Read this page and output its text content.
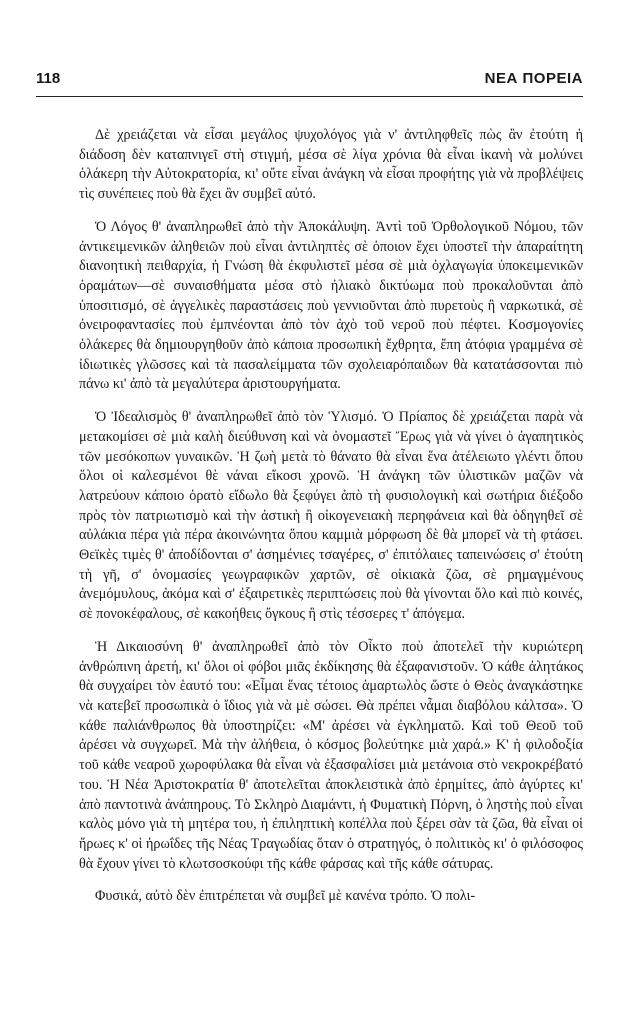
118	ΝΕΑ ΠΟΡΕΙΑ

Δὲ χρειάζεται νὰ εἶσαι μεγάλος ψυχολόγος γιὰ ν' ἀντιληφθεῖς πὼς ἂν ἐτούτη ἡ διάδοση δὲν καταπνιγεῖ στὴ στιγμή, μέσα σὲ λίγα χρόνια θὰ εἶναι ἱκανὴ νὰ μολύνει ὁλάκερη τὴν Αὐτοκρατορία, κι' οὔτε εἶναι ἀνάγκη νὰ εἶσαι προφήτης γιὰ νὰ προβλέψεις τὶς συνέπειες ποὺ θὰ ἔχει ἂν συμβεῖ αὐτό.

Ὁ Λόγος θ' ἀναπληρωθεῖ ἀπὸ τὴν Ἀποκάλυψη. Ἀντὶ τοῦ Ὀρθολογικοῦ Νόμου, τῶν ἀντικειμενικῶν ἀληθειῶν ποὺ εἶναι ἀντιληπτὲς σὲ ὁποιον ἔχει ὑποστεῖ τὴν ἀπαραίτητη διανοητικὴ πειθαρχία, ἡ Γνώση θὰ ἐκφυλιστεῖ μέσα σὲ μιὰ ὀχλαγωγία ὑποκειμενικῶν ὁραμάτων—σὲ συναισθήματα μέσα στὸ ἠλιακὸ δικτύωμα ποὺ προκαλοῦνται ἀπὸ ὑποσιτισμό, σὲ ἀγγελικὲς παραστάσεις ποὺ γεννιοῦνται ἀπὸ πυρετοὺς ἢ ναρκωτικά, σὲ ὀνειροφαντασίες ποὺ ἐμπνέονται ἀπὸ τὸν ἀχὸ τοῦ νεροῦ ποὺ πέφτει. Κοσμογονίες ὁλάκερες θὰ δημιουργηθοῦν ἀπὸ κάποια προσωπικὴ ἔχθρητα, ἔπη ἀτόφια γραμμένα σὲ ἰδιωτικὲς γλῶσσες καὶ τὰ πασαλείμματα τῶν σχολειαρόπαιδων θὰ κατατάσσονται πιὸ πάνω κι' ἀπὸ τὰ μεγαλύτερα ἀριστουργήματα.

Ὁ Ἰδεαλισμὸς θ' ἀναπληρωθεῖ ἀπὸ τὸν Ὑλισμό. Ὁ Πρίαπος δὲ χρειάζεται παρὰ νὰ μετακομίσει σὲ μιὰ καλὴ διεύθυνση καὶ νὰ ὀνομαστεῖ Ἔρως γιὰ νὰ γίνει ὁ ἀγαπητικὸς τῶν μεσόκοπων γυναικῶν. Ἡ ζωὴ μετὰ τὸ θάνατο θὰ εἶναι ἕνα ἀτέλειωτο γλέντι ὅπου ὅλοι οἱ καλεσμένοι θὲ νάναι εἴκοσι χρονῶ. Ἡ ἀνάγκη τῶν ὑλιστικῶν μαζῶν νὰ λατρεύουν κάποιο ὁρατὸ εἴδωλο θὰ ξεφύγει ἀπὸ τὴ φυσιολογικὴ καὶ σωτήρια διέξοδο πρὸς τὸν πατριωτισμὸ καὶ τὴν ἀστικὴ ἢ οἰκογενειακὴ περηφάνεια καὶ θὰ ὁδηγηθεῖ σὲ αὐλάκια πέρα γιὰ πέρα ἀκοινώνητα ὅπου καμμιὰ μόρφωση δὲ θὰ μπορεῖ νὰ τὴ φτάσει. Θεϊκὲς τιμὲς θ' ἀποδίδονται σ' ἀσημένιες τσαγέρες, σ' ἐπιτόλαιες ταπεινώσεις σ' ἐτούτη τὴ γῆ, σ' ὀνομασίες γεωγραφικῶν χαρτῶν, σὲ οἰκιακὰ ζῶα, σὲ ρημαγμένους ἀνεμόμυλους, ἀκόμα καὶ σ' ἐξαιρετικὲς περιπτώσεις ποὺ θὰ γίνονται ὅλο καὶ πιὸ κοινές, σὲ πονοκέφαλους, σὲ κακοήθεις ὄγκους ἢ στὶς τέσσερες τ' ἀπόγεμα.

Ἡ Δικαιοσύνη θ' ἀναπληρωθεῖ ἀπὸ τὸν Οἶκτο ποὺ ἀποτελεῖ τὴν κυριώτερη ἀνθρώπινη ἀρετή, κι' ὅλοι οἱ φόβοι μιᾶς ἐκδίκησης θὰ ἐξαφανιστοῦν. Ὁ κάθε ἀλητάκος θὰ συγχαίρει τὸν ἑαυτό του: «Εἶμαι ἕνας τέτοιος ἁμαρτωλὸς ὥστε ὁ Θεὸς ἀναγκάστηκε νὰ κατεβεῖ προσωπικὰ ὁ ἴδιος γιὰ νὰ μὲ σώσει. Θὰ πρέπει νἆμαι διαβόλου κάλτσα». Ὁ κάθε παλιάνθρωπος θὰ ὑποστηρίζει: «Μ' ἀρέσει νὰ ἐγκληματῶ. Καὶ τοῦ Θεοῦ τοῦ ἀρέσει νὰ συγχωρεῖ. Μὰ τὴν ἀλήθεια, ὁ κόσμος βολεύτηκε μιὰ χαρά.» Κ' ἡ φιλοδοξία τοῦ κάθε νεαροῦ χωροφύλακα θὰ εἶναι νὰ ἐξασφαλίσει μιὰ μετάνοια στὸ νεκροκρέβατό του. Ἡ Νέα Ἀριστοκρατία θ' ἀποτελεῖται ἀποκλειστικὰ ἀπὸ ἐρημίτες, ἀπὸ ἀγύρτες κι' ἀπὸ παντοτινὰ ἀνάπηρους. Τὸ Σκληρὸ Διαμάντι, ἡ Φυματικὴ Πόρνη, ὁ ληστὴς ποὺ εἶναι καλὸς μόνο γιὰ τὴ μητέρα του, ἡ ἐπιληπτικὴ κοπέλλα ποὺ ξέρει σὰν τὰ ζῶα, θὰ εἶναι οἱ ἥρωες κ' οἱ ἡρωΐδες τῆς Νέας Τραγωδίας ὅταν ὁ στρατηγός, ὁ πολιτικὸς κι' ὁ φιλόσοφος θὰ ἔχουν γίνει τὸ κλωτσοσκούφι τῆς κάθε φάρσας καὶ τῆς κάθε σάτυρας.

Φυσικά, αὐτὸ δὲν ἐπιτρέπεται νὰ συμβεῖ μὲ κανένα τρόπο. Ὁ πολι-
